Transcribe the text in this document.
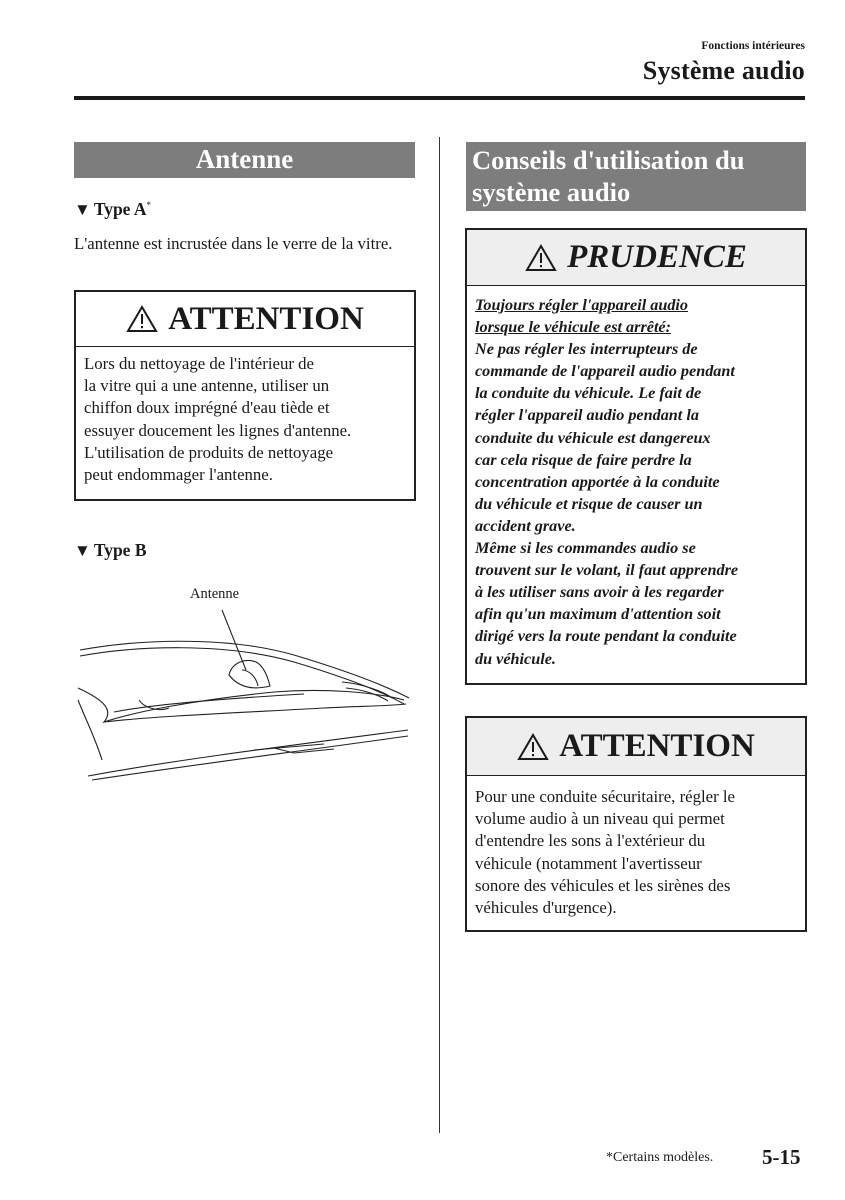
Fonctions intérieures
Système audio
Antenne
▼ Type A*
L'antenne est incrustée dans le verre de la vitre.
ATTENTION
Lors du nettoyage de l'intérieur de
la vitre qui a une antenne, utiliser un
chiffon doux imprégné d'eau tiède et
essuyer doucement les lignes d'antenne.
L'utilisation de produits de nettoyage
peut endommager l'antenne.
▼ Type B
Antenne
Conseils d'utilisation du
système audio
PRUDENCE
Toujours régler l'appareil audio
lorsque le véhicule est arrêté:
Ne pas régler les interrupteurs de
commande de l'appareil audio pendant
la conduite du véhicule. Le fait de
régler l'appareil audio pendant la
conduite du véhicule est dangereux
car cela risque de faire perdre la
concentration apportée à la conduite
du véhicule et risque de causer un
accident grave.
Même si les commandes audio se
trouvent sur le volant, il faut apprendre
à les utiliser sans avoir à les regarder
afin qu'un maximum d'attention soit
dirigé vers la route pendant la conduite
du véhicule.
ATTENTION
Pour une conduite sécuritaire, régler le
volume audio à un niveau qui permet
d'entendre les sons à l'extérieur du
véhicule (notamment l'avertisseur
sonore des véhicules et les sirènes des
véhicules d'urgence).
*Certains modèles. 5-15
